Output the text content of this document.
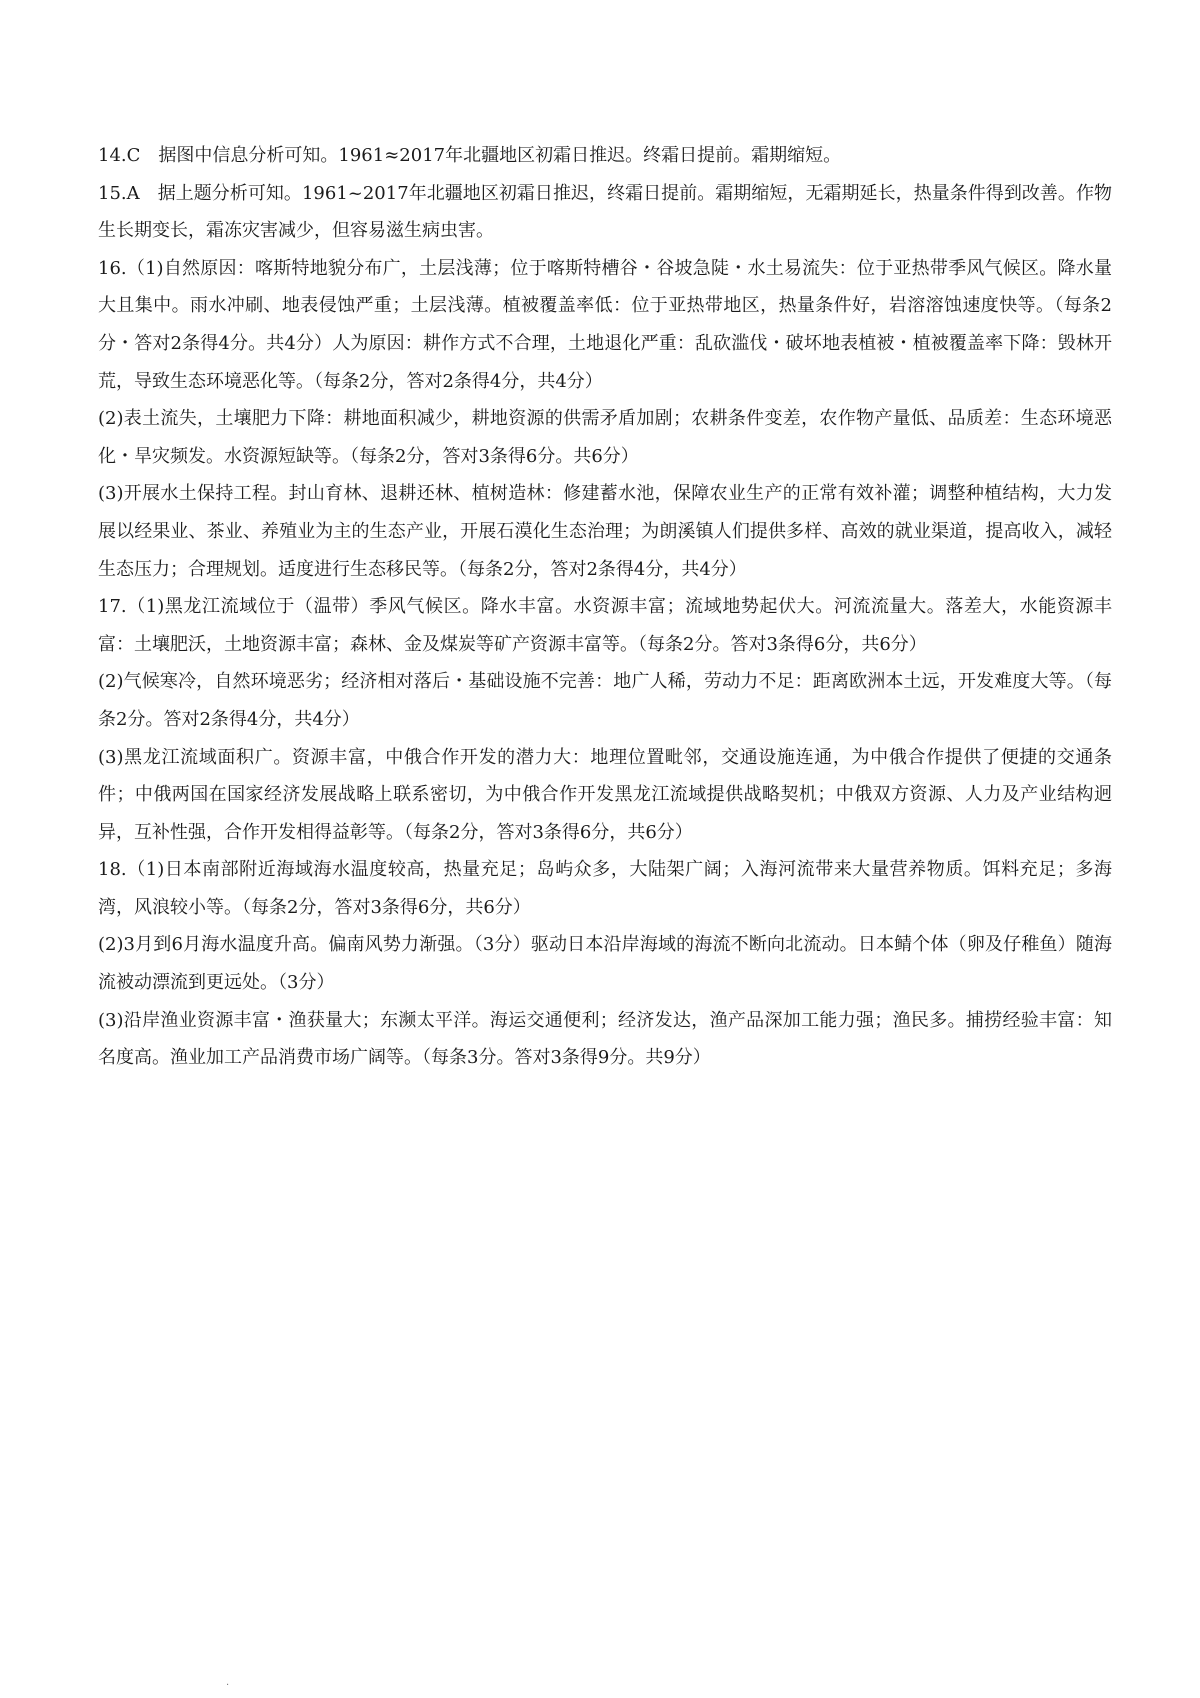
14.C　据图中信息分析可知。1961≈2017年北疆地区初霜日推迟。终霜日提前。霜期缩短。

15.A　据上题分析可知。1961~2017年北疆地区初霜日推迟，终霜日提前。霜期缩短，无霜期延长，热量条件得到改善。作物生长期变长，霜冻灾害减少，但容易滋生病虫害。

16.（1)自然原因：喀斯特地貌分布广，土层浅薄；位于喀斯特槽谷・谷坡急陡・水土易流失：位于亚热带季风气候区。降水量大且集中。雨水冲刷、地表侵蚀严重；土层浅薄。植被覆盖率低：位于亚热带地区，热量条件好，岩溶溶蚀速度快等。（每条2分・答对2条得4分。共4分）人为原因：耕作方式不合理，土地退化严重：乱砍滥伐・破坏地表植被・植被覆盖率下降：毁林开荒，导致生态环境恶化等。（每条2分，答对2条得4分，共4分）

(2)表土流失，土壤肥力下降：耕地面积减少，耕地资源的供需矛盾加剧；农耕条件变差，农作物产量低、品质差：生态环境恶化・旱灾频发。水资源短缺等。（每条2分，答对3条得6分。共6分）

(3)开展水土保持工程。封山育林、退耕还林、植树造林：修建蓄水池，保障农业生产的正常有效补灌；调整种植结构，大力发展以经果业、茶业、养殖业为主的生态产业，开展石漠化生态治理；为朗溪镇人们提供多样、高效的就业渠道，提高收入，减轻生态压力；合理规划。适度进行生态移民等。（每条2分，答对2条得4分，共4分）

17.（1)黑龙江流域位于（温带）季风气候区。降水丰富。水资源丰富；流域地势起伏大。河流流量大。落差大，水能资源丰富：土壤肥沃，土地资源丰富；森林、金及煤炭等矿产资源丰富等。（每条2分。答对3条得6分，共6分）

(2)气候寒冷，自然环境恶劣；经济相对落后・基础设施不完善：地广人稀，劳动力不足：距离欧洲本土远，开发难度大等。（每条2分。答对2条得4分，共4分）

(3)黑龙江流域面积广。资源丰富，中俄合作开发的潜力大：地理位置毗邻，交通设施连通，为中俄合作提供了便捷的交通条件；中俄两国在国家经济发展战略上联系密切，为中俄合作开发黑龙江流域提供战略契机；中俄双方资源、人力及产业结构迥异，互补性强，合作开发相得益彰等。（每条2分，答对3条得6分，共6分）

18.（1)日本南部附近海域海水温度较高，热量充足；岛屿众多，大陆架广阔；入海河流带来大量营养物质。饵料充足；多海湾，风浪较小等。（每条2分，答对3条得6分，共6分）

(2)3月到6月海水温度升高。偏南风势力渐强。（3分）驱动日本沿岸海域的海流不断向北流动。日本鲭个体（卵及仔稚鱼）随海流被动漂流到更远处。（3分）

(3)沿岸渔业资源丰富・渔获量大；东濒太平洋。海运交通便利；经济发达，渔产品深加工能力强；渔民多。捕捞经验丰富：知名度高。渔业加工产品消费市场广阔等。（每条3分。答对3条得9分。共9分）

·
